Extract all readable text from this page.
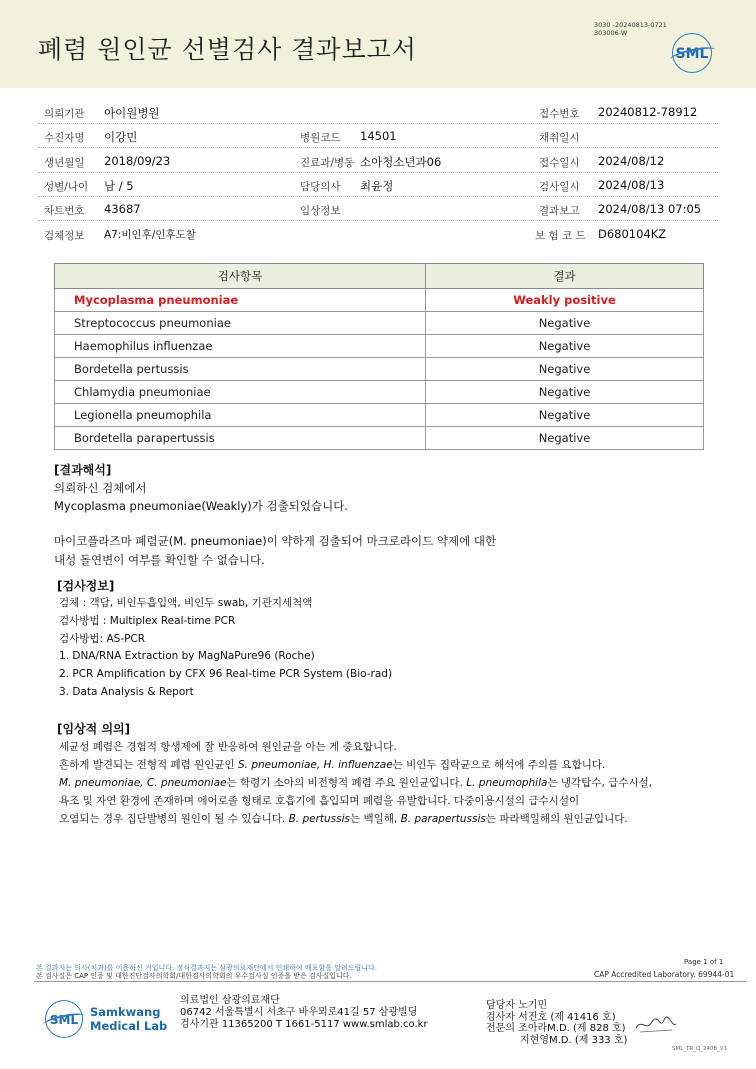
폐렴 원인균 선별검사 결과보고서
3030 -20240813-0721
303006-W
SML
의뢰기관 아이원병원	접수번호 20240812-78912
수진자명 이강민	병원코드 14501	채취일시
생년월일 2018/09/23	진료과/병동 소아청소년과06	접수일시 2024/08/12
성별/나이 남 / 5	담당의사 최윤정	검사일시 2024/08/13
차트번호 43687	임상정보	결과보고 2024/08/13 07:05
검체정보 A7:비인후/인후도찰	보 험 코 드 D680104KZ
검사항목	결과
Mycoplasma pneumoniae	Weakly positive
Streptococcus pneumoniae	Negative
Haemophilus influenzae	Negative
Bordetella pertussis	Negative
Chlamydia pneumoniae	Negative
Legionella pneumophila	Negative
Bordetella parapertussis	Negative
[결과해석]
의뢰하신 검체에서
Mycoplasma pneumoniae(Weakly)가 검출되었습니다.
마이코플라즈마 폐렴균(M. pneumoniae)이 약하게 검출되어 마크로라이드 약제에 대한
내성 돌연변이 여부를 확인할 수 없습니다.
[검사정보]
검체 : 객담, 비인두흡입액, 비인두 swab, 기관지세척액
검사방법 : Multiplex Real-time PCR
검사방법: AS-PCR
1. DNA/RNA Extraction by MagNaPure96 (Roche)
2. PCR Amplification by CFX 96 Real-time PCR System (Bio-rad)
3. Data Analysis & Report
[임상적 의의]
세균성 폐렴은 경험적 항생제에 잘 반응하여 원인균을 아는 게 중요합니다.
흔하게 발견되는 전형적 폐렴 원인균인 S. pneumoniae, H. influenzae는 비인두 집락균으로 해석에 주의를 요합니다.
M. pneumoniae, C. pneumoniae는 학령기 소아의 비전형적 폐렴 주요 원인균입니다. L. pneumophila는 냉각탑수, 급수시설,
욕조 및 자연 환경에 존재하며 에어로졸 형태로 호흡기에 흡입되며 폐렴을 유발합니다. 다중이용시설의 급수시설이
오염되는 경우 집단발병의 원인이 될 수 있습니다. B. pertussis는 백일해, B. parapertussis는 파라백일해의 원인균입니다.
본 결과지는 의사(치과)를 이용하신 거입니다. 정식결과지는 삼광의료재단에서 인쇄하여 배포함을 알려드립니다.
본 검사실은 CAP 인증 및 대한진단검사의학회/대한검사의학회의 우수검사실 인증을 받은 검사실입니다.
Page 1 of 1
CAP Accredited Laboratory. 69944-01
SML
Samkwang
Medical Lab
의료법인 삼광의료재단
06742 서울특별시 서초구 바우뫼로41길 57 삼광빌딩
검사기관 11365200 T 1661-5117 www.smlab.co.kr
담당자 노기민
검사자 서진호 (제 41416 호)
전문의 조아라M.D. (제 828 호)
지현영M.D. (제 333 호)
SML_TR_Q_2408_V1
